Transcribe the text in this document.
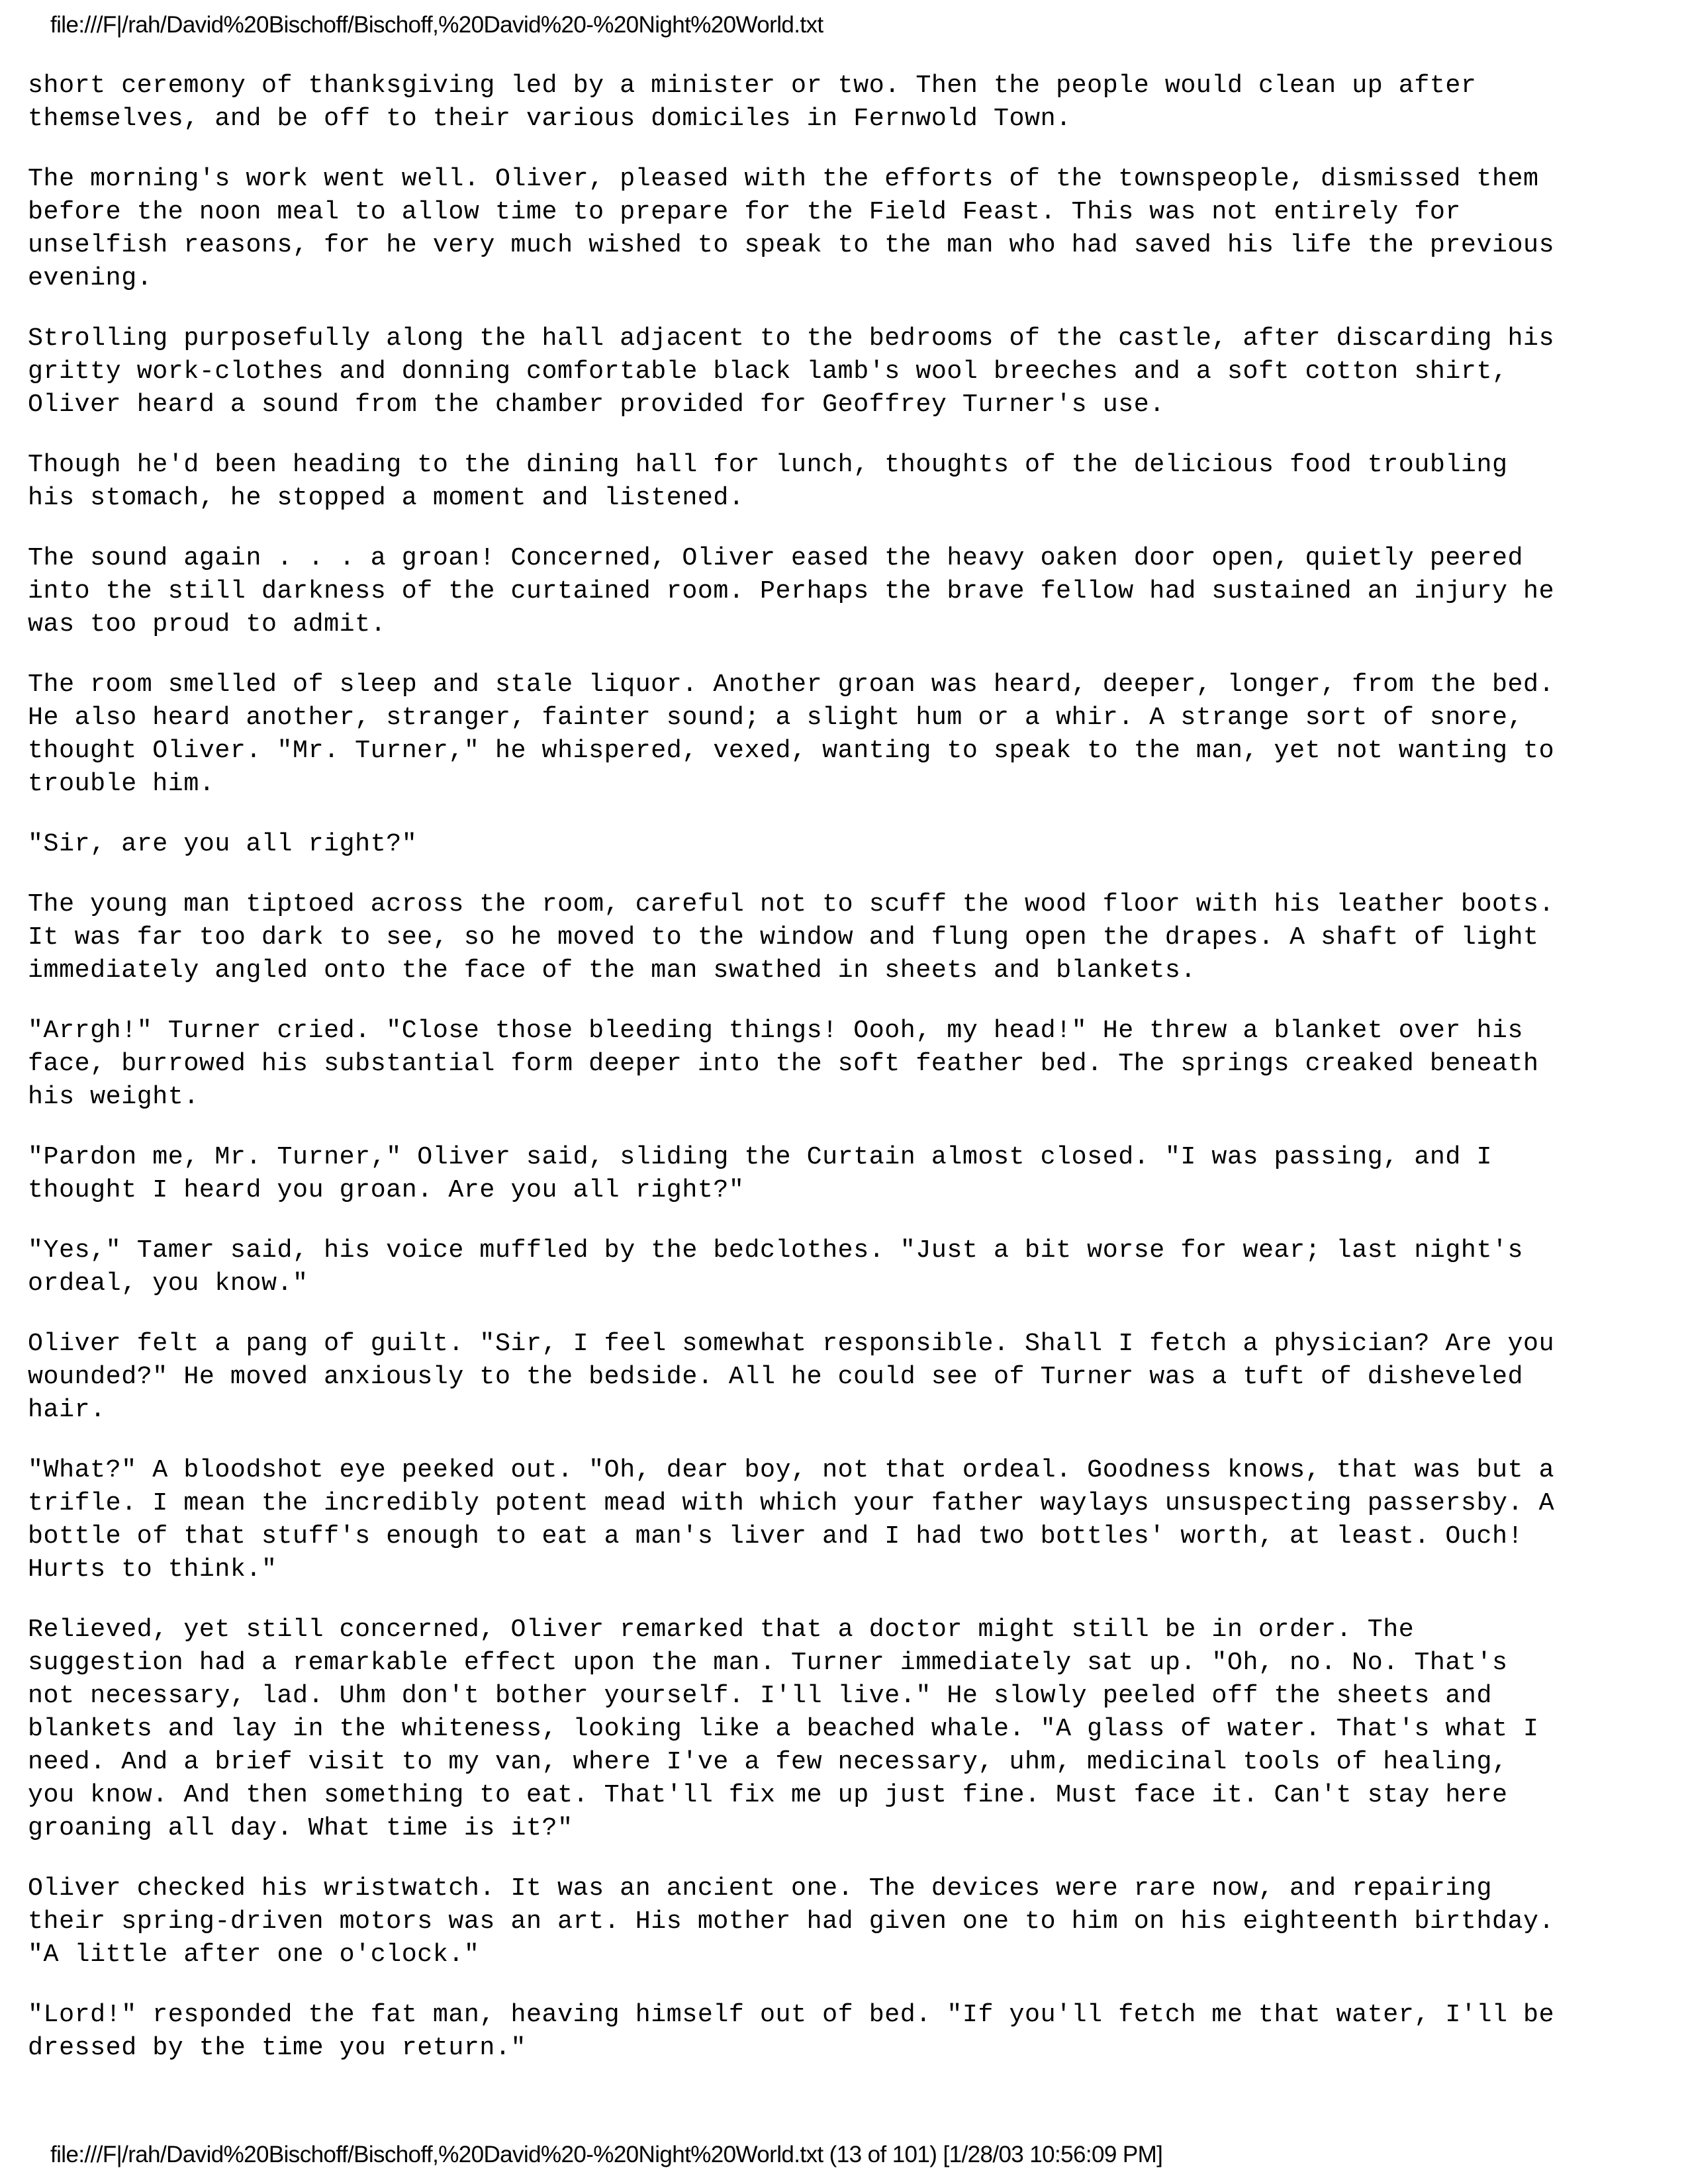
file:///F|/rah/David%20Bischoff/Bischoff,%20David%20-%20Night%20World.txt

short ceremony of thanksgiving led by a minister or two. Then the people would clean up after
themselves, and be off to their various domiciles in Fernwold Town.

The morning's work went well. Oliver, pleased with the efforts of the townspeople, dismissed them
before the noon meal to allow time to prepare for the Field Feast. This was not entirely for
unselfish reasons, for he very much wished to speak to the man who had saved his life the previous
evening.

Strolling purposefully along the hall adjacent to the bedrooms of the castle, after discarding his
gritty work-clothes and donning comfortable black lamb's wool breeches and a soft cotton shirt,
Oliver heard a sound from the chamber provided for Geoffrey Turner's use.

Though he'd been heading to the dining hall for lunch, thoughts of the delicious food troubling
his stomach, he stopped a moment and listened.

The sound again . . . a groan! Concerned, Oliver eased the heavy oaken door open, quietly peered
into the still darkness of the curtained room. Perhaps the brave fellow had sustained an injury he
was too proud to admit.

The room smelled of sleep and stale liquor. Another groan was heard, deeper, longer, from the bed.
He also heard another, stranger, fainter sound; a slight hum or a whir. A strange sort of snore,
thought Oliver. "Mr. Turner," he whispered, vexed, wanting to speak to the man, yet not wanting to
trouble him.

"Sir, are you all right?"

The young man tiptoed across the room, careful not to scuff the wood floor with his leather boots.
It was far too dark to see, so he moved to the window and flung open the drapes. A shaft of light
immediately angled onto the face of the man swathed in sheets and blankets.

"Arrgh!" Turner cried. "Close those bleeding things! Oooh, my head!" He threw a blanket over his
face, burrowed his substantial form deeper into the soft feather bed. The springs creaked beneath
his weight.

"Pardon me, Mr. Turner," Oliver said, sliding the Curtain almost closed. "I was passing, and I
thought I heard you groan. Are you all right?"

"Yes," Tamer said, his voice muffled by the bedclothes. "Just a bit worse for wear; last night's
ordeal, you know."

Oliver felt a pang of guilt. "Sir, I feel somewhat responsible. Shall I fetch a physician? Are you
wounded?" He moved anxiously to the bedside. All he could see of Turner was a tuft of disheveled
hair.

"What?" A bloodshot eye peeked out. "Oh, dear boy, not that ordeal. Goodness knows, that was but a
trifle. I mean the incredibly potent mead with which your father waylays unsuspecting passersby. A
bottle of that stuff's enough to eat a man's liver and I had two bottles' worth, at least. Ouch!
Hurts to think."

Relieved, yet still concerned, Oliver remarked that a doctor might still be in order. The
suggestion had a remarkable effect upon the man. Turner immediately sat up. "Oh, no. No. That's
not necessary, lad. Uhm don't bother yourself. I'll live." He slowly peeled off the sheets and
blankets and lay in the whiteness, looking like a beached whale. "A glass of water. That's what I
need. And a brief visit to my van, where I've a few necessary, uhm, medicinal tools of healing,
you know. And then something to eat. That'll fix me up just fine. Must face it. Can't stay here
groaning all day. What time is it?"

Oliver checked his wristwatch. It was an ancient one. The devices were rare now, and repairing
their spring-driven motors was an art. His mother had given one to him on his eighteenth birthday.
"A little after one o'clock."

"Lord!" responded the fat man, heaving himself out of bed. "If you'll fetch me that water, I'll be
dressed by the time you return."

file:///F|/rah/David%20Bischoff/Bischoff,%20David%20-%20Night%20World.txt (13 of 101) [1/28/03 10:56:09 PM]
